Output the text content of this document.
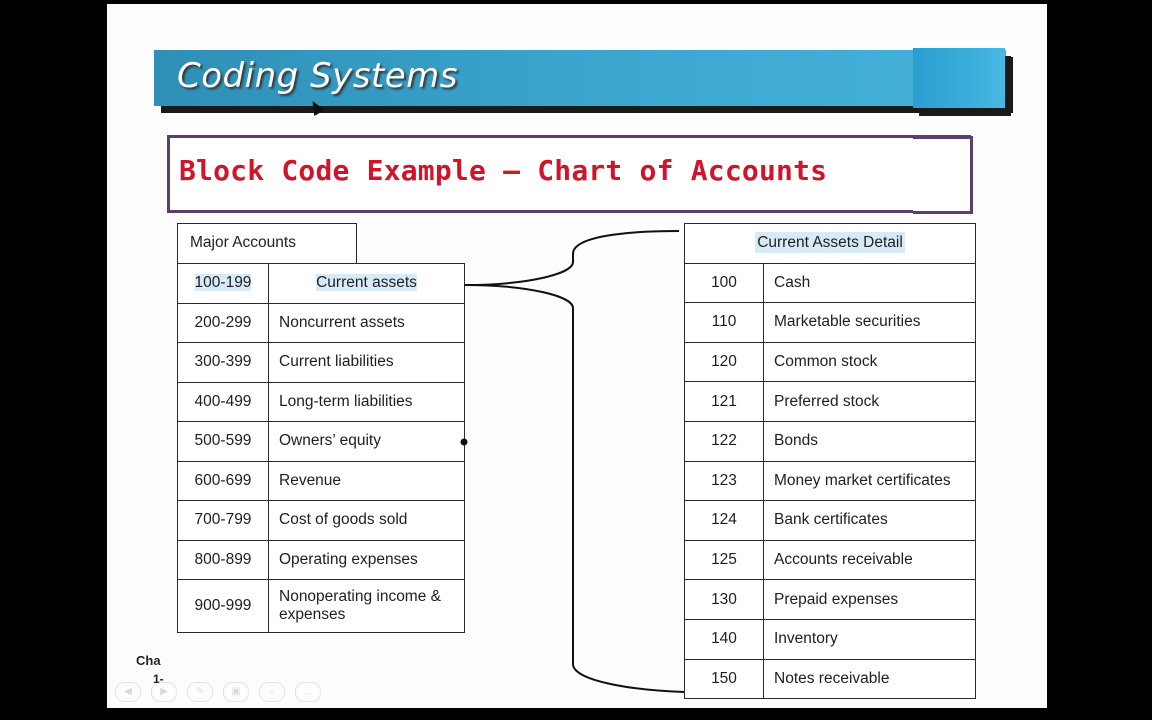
Coding Systems
Block Code Example – Chart of Accounts
Major Accounts
100-199	Current assets
200-299	Noncurrent assets
300-399	Current liabilities
400-499	Long-term liabilities
500-599	Owners’ equity
600-699	Revenue
700-799	Cost of goods sold
800-899	Operating expenses
900-999	Nonoperating income & expenses
Current Assets Detail	
100	Cash
110	Marketable securities
120	Common stock
121	Preferred stock
122	Bonds
123	Money market certificates
124	Bank certificates
125	Accounts receivable
130	Prepaid expenses
140	Inventory
150	Notes receivable
Cha
1-
◀	▶	✎	▣	⌕	…
